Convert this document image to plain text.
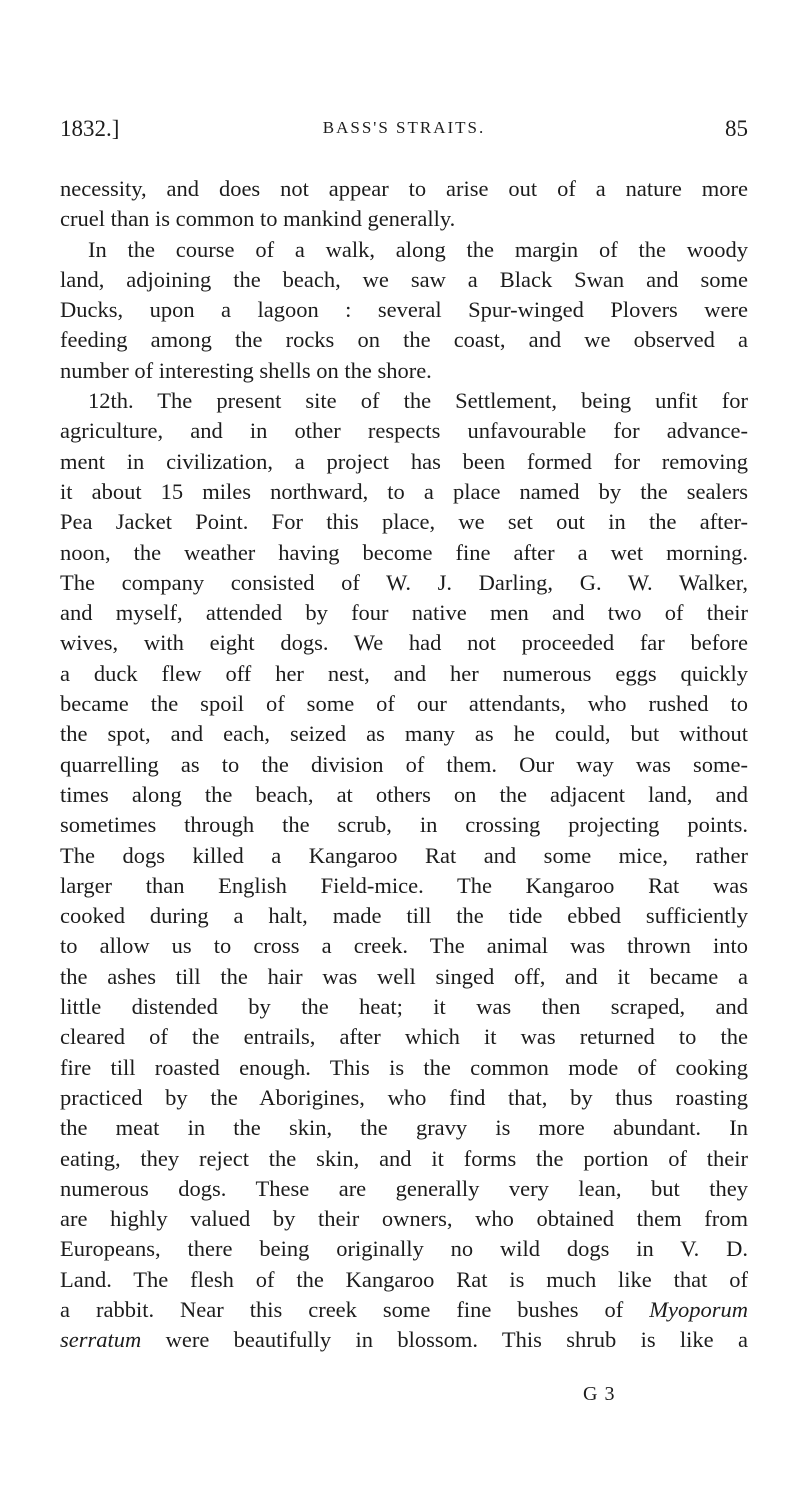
1832.]	BASS'S STRAITS.	85
necessity, and does not appear to arise out of a nature more
cruel than is common to mankind generally.
In the course of a walk, along the margin of the woody
land, adjoining the beach, we saw a Black Swan and some
Ducks, upon a lagoon : several Spur-winged Plovers were
feeding among the rocks on the coast, and we observed a
number of interesting shells on the shore.
12th. The present site of the Settlement, being unfit for
agriculture, and in other respects unfavourable for advance-
ment in civilization, a project has been formed for removing
it about 15 miles northward, to a place named by the sealers
Pea Jacket Point. For this place, we set out in the after-
noon, the weather having become fine after a wet morning.
The company consisted of W. J. Darling, G. W. Walker,
and myself, attended by four native men and two of their
wives, with eight dogs. We had not proceeded far before
a duck flew off her nest, and her numerous eggs quickly
became the spoil of some of our attendants, who rushed to
the spot, and each, seized as many as he could, but without
quarrelling as to the division of them. Our way was some-
times along the beach, at others on the adjacent land, and
sometimes through the scrub, in crossing projecting points.
The dogs killed a Kangaroo Rat and some mice, rather
larger than English Field-mice. The Kangaroo Rat was
cooked during a halt, made till the tide ebbed sufficiently
to allow us to cross a creek. The animal was thrown into
the ashes till the hair was well singed off, and it became a
little distended by the heat; it was then scraped, and
cleared of the entrails, after which it was returned to the
fire till roasted enough. This is the common mode of cooking
practiced by the Aborigines, who find that, by thus roasting
the meat in the skin, the gravy is more abundant. In
eating, they reject the skin, and it forms the portion of their
numerous dogs. These are generally very lean, but they
are highly valued by their owners, who obtained them from
Europeans, there being originally no wild dogs in V. D.
Land. The flesh of the Kangaroo Rat is much like that of
a rabbit. Near this creek some fine bushes of Myoporum
serratum were beautifully in blossom. This shrub is like a
G 3
